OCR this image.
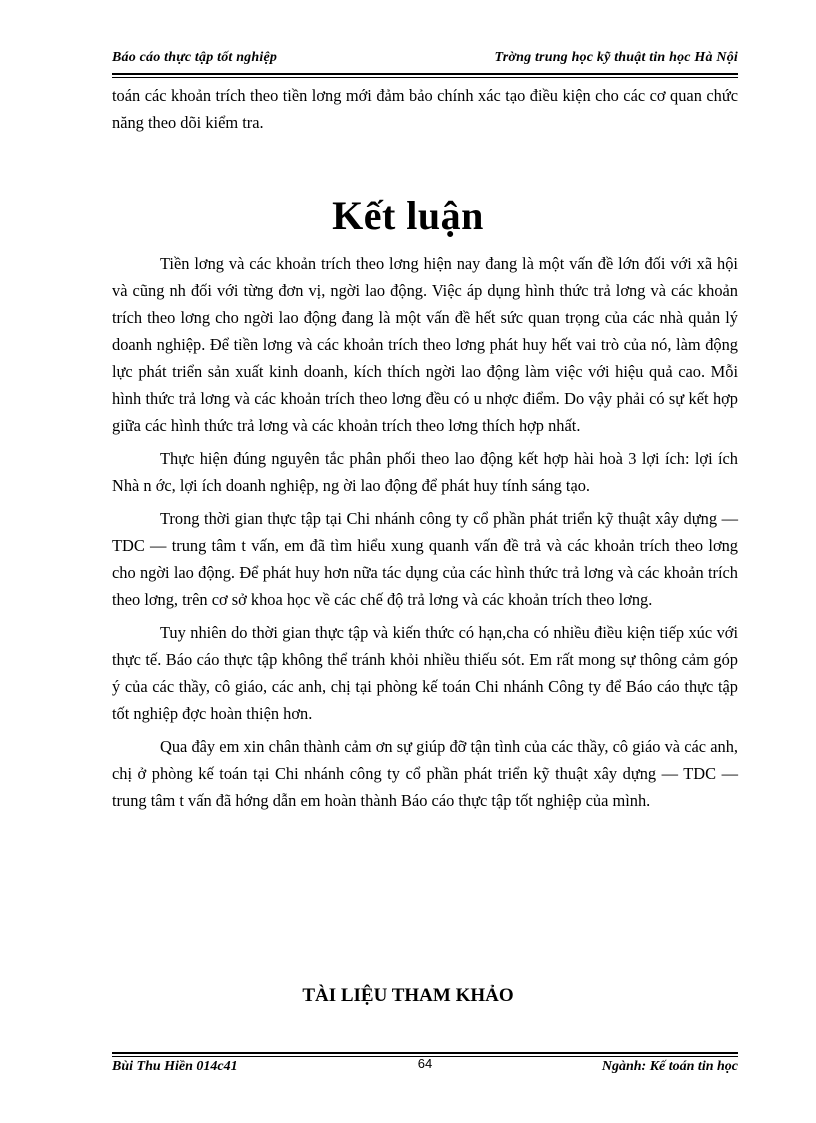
Báo cáo thực tập tốt nghiệp	Trờng trung học kỹ thuật tin học Hà Nội

toán các khoản trích theo tiền lơng mới đảm bảo chính xác tạo điều kiện cho các cơ quan chức năng theo dõi kiểm tra.

Kết luận

Tiền lơng và các khoản trích theo lơng hiện nay đang là một vấn đề lớn đối với xã hội và cũng nh đối với từng đơn vị, ngời lao động. Việc áp dụng hình thức trả lơng và các khoản trích theo lơng cho ngời lao động đang là một vấn đề hết sức quan trọng của các nhà quản lý doanh nghiệp. Để tiền lơng và các khoản trích theo lơng phát huy hết vai trò của nó, làm động lực phát triển sản xuất kinh doanh, kích thích ngời lao động làm việc với hiệu quả cao. Mỗi hình thức trả lơng và các khoản trích theo lơng đều có u nhợc điểm. Do vậy phải có sự kết hợp giữa các hình thức trả lơng và các khoản trích theo lơng thích hợp nhất.

Thực hiện đúng nguyên tắc phân phối theo lao động kết hợp hài hoà 3 lợi ích: lợi ích Nhà n ớc, lợi ích doanh nghiệp, ng ời lao động để phát huy tính sáng tạo.

Trong thời gian thực tập tại Chi nhánh công ty cổ phần phát triển kỹ thuật xây dựng — TDC — trung tâm t vấn, em đã tìm hiểu xung quanh vấn đề trả và các khoản trích theo lơng cho ngời lao động. Để phát huy hơn nữa tác dụng của các hình thức trả lơng và các khoản trích theo lơng, trên cơ sở khoa học về các chế độ trả lơng và các khoản trích theo lơng.

Tuy nhiên do thời gian thực tập và kiến thức có hạn,cha có nhiều điều kiện tiếp xúc với thực tế. Báo cáo thực tập không thể tránh khỏi nhiều thiếu sót. Em rất mong sự thông cảm góp ý của các thầy, cô giáo, các anh, chị tại phòng kế toán Chi nhánh Công ty để Báo cáo thực tập tốt nghiệp đợc hoàn thiện hơn.

Qua đây em xin chân thành cảm ơn sự giúp đỡ tận tình của các thầy, cô giáo và các anh, chị ở phòng kế toán tại Chi nhánh công ty cổ phần phát triển kỹ thuật xây dựng — TDC — trung tâm t vấn đã hớng dẫn em hoàn thành Báo cáo thực tập tốt nghiệp của mình.

TÀI LIỆU THAM KHẢO
Bùi Thu Hiền 014c41	64	Ngành: Kế toán tin học
